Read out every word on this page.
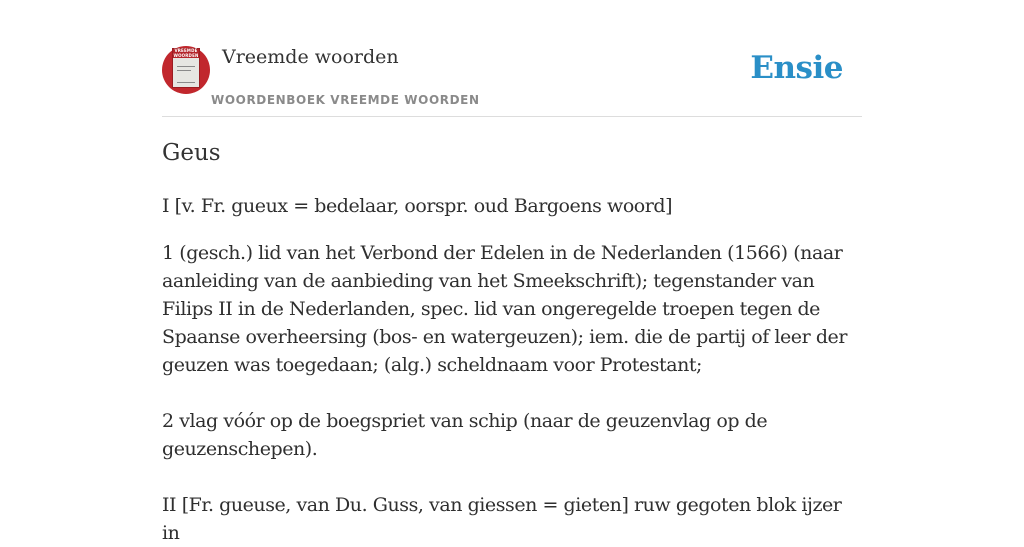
VREEMDE WOORDEN	Vreemde woorden
WOORDENBOEK VREEMDE WOORDEN
Ensie
Geus

I [v. Fr. gueux = bedelaar, oorspr. oud Bargoens woord]

1 (gesch.) lid van het Verbond der Edelen in de Nederlanden (1566) (naar aanleiding van de aanbieding van het Smeekschrift); tegenstander van Filips II in de Nederlanden, spec. lid van ongeregelde troepen tegen de Spaanse overheersing (bos- en watergeuzen); iem. die de partij of leer der geuzen was toegedaan; (alg.) scheldnaam voor Protestant;

2 vlag vóór op de boegspriet van schip (naar de geuzenvlag op de geuzenschepen).

II [Fr. gueuse, van Du. Guss, van giessen = gieten] ruw gegoten blok ijzer in
